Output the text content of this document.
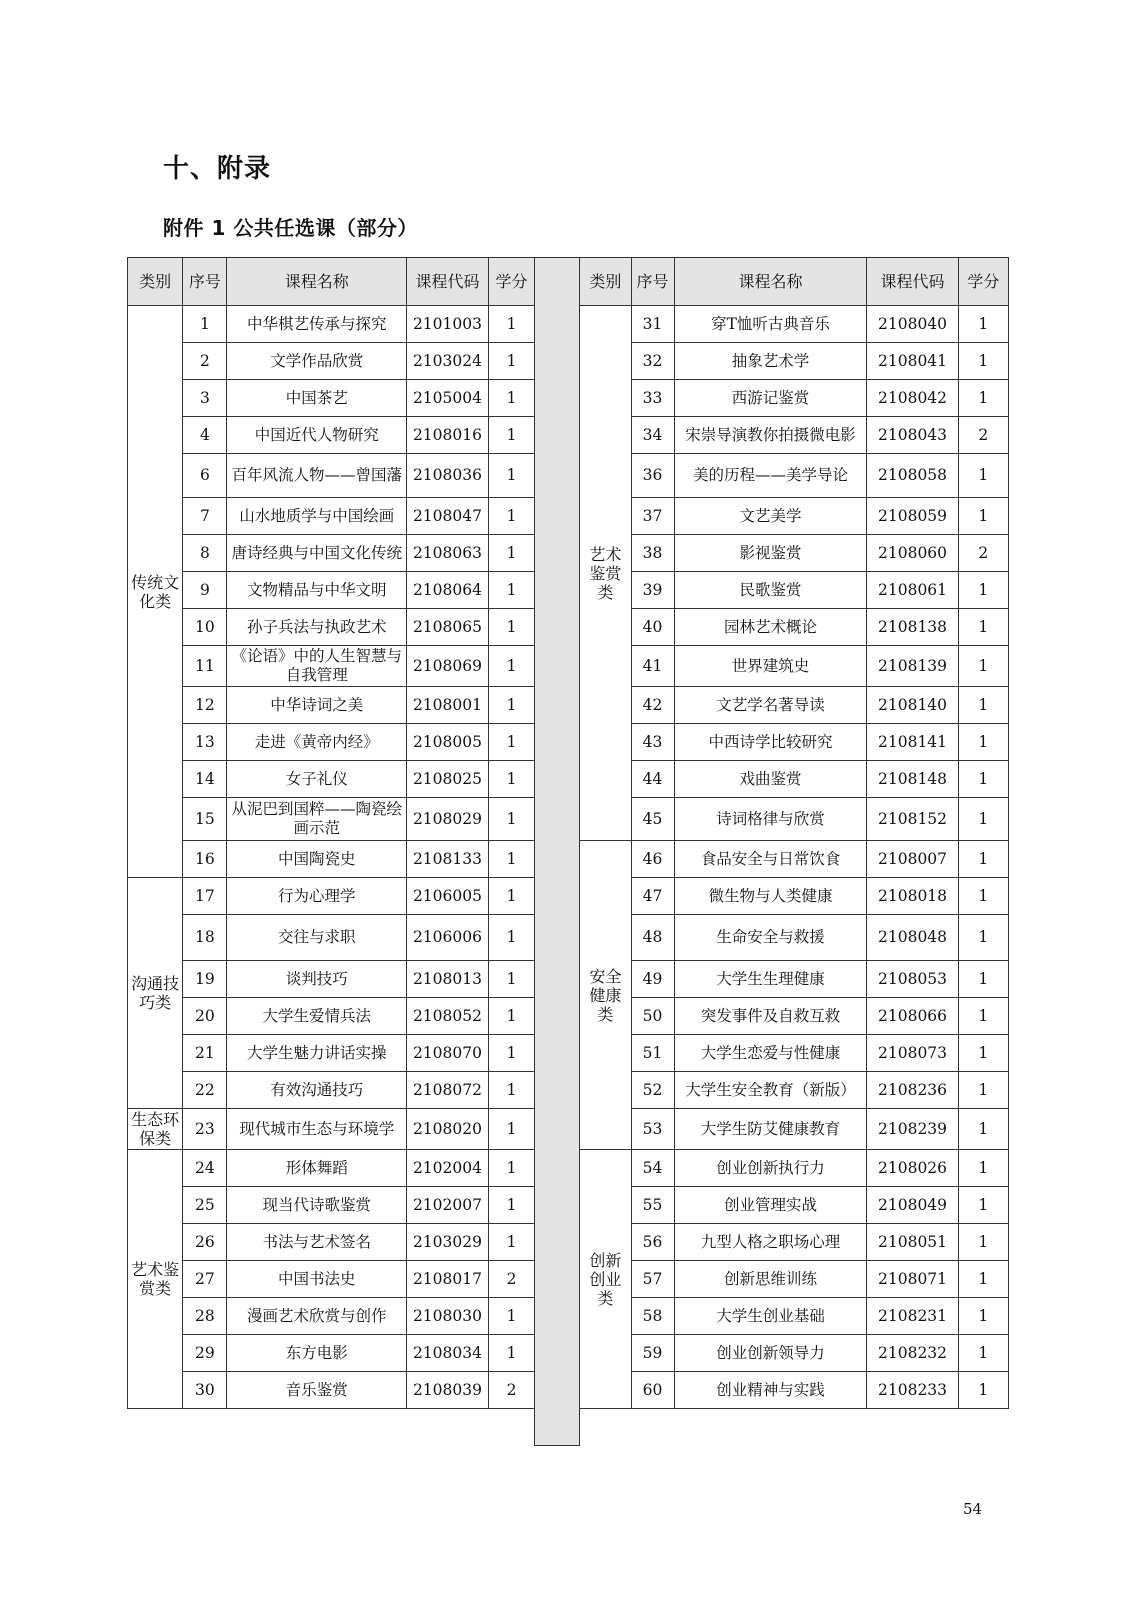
十、附录
附件 1 公共任选课（部分）
类别	序号	课程名称	课程代码	学分		类别	序号	课程名称	课程代码	学分
传统文化类	1	中华棋艺传承与探究	2101003	1		艺术鉴赏类	31	穿T恤听古典音乐	2108040	1
	2	文学作品欣赏	2103024	1			32	抽象艺术学	2108041	1
	3	中国茶艺	2105004	1			33	西游记鉴赏	2108042	1
	4	中国近代人物研究	2108016	1			34	宋崇导演教你拍摄微电影	2108043	2
	6	百年风流人物——曾国藩	2108036	1			36	美的历程——美学导论	2108058	1
	7	山水地质学与中国绘画	2108047	1			37	文艺美学	2108059	1
	8	唐诗经典与中国文化传统	2108063	1			38	影视鉴赏	2108060	2
	9	文物精品与中华文明	2108064	1			39	民歌鉴赏	2108061	1
	10	孙子兵法与执政艺术	2108065	1			40	园林艺术概论	2108138	1
	11	《论语》中的人生智慧与自我管理	2108069	1			41	世界建筑史	2108139	1
	12	中华诗词之美	2108001	1			42	文艺学名著导读	2108140	1
	13	走进《黄帝内经》	2108005	1			43	中西诗学比较研究	2108141	1
	14	女子礼仪	2108025	1			44	戏曲鉴赏	2108148	1
	15	从泥巴到国粹——陶瓷绘画示范	2108029	1			45	诗词格律与欣赏	2108152	1
	16	中国陶瓷史	2108133	1		安全健康类	46	食品安全与日常饮食	2108007	1
沟通技巧类	17	行为心理学	2106005	1			47	微生物与人类健康	2108018	1
	18	交往与求职	2106006	1			48	生命安全与救援	2108048	1
	19	谈判技巧	2108013	1			49	大学生生理健康	2108053	1
	20	大学生爱情兵法	2108052	1			50	突发事件及自救互救	2108066	1
	21	大学生魅力讲话实操	2108070	1			51	大学生恋爱与性健康	2108073	1
	22	有效沟通技巧	2108072	1			52	大学生安全教育（新版）	2108236	1
生态环保类	23	现代城市生态与环境学	2108020	1			53	大学生防艾健康教育	2108239	1
艺术鉴赏类	24	形体舞蹈	2102004	1		创新创业类	54	创业创新执行力	2108026	1
	25	现当代诗歌鉴赏	2102007	1			55	创业管理实战	2108049	1
	26	书法与艺术签名	2103029	1			56	九型人格之职场心理	2108051	1
	27	中国书法史	2108017	2			57	创新思维训练	2108071	1
	28	漫画艺术欣赏与创作	2108030	1			58	大学生创业基础	2108231	1
	29	东方电影	2108034	1			59	创业创新领导力	2108232	1
	30	音乐鉴赏	2108039	2			60	创业精神与实践	2108233	1

54
